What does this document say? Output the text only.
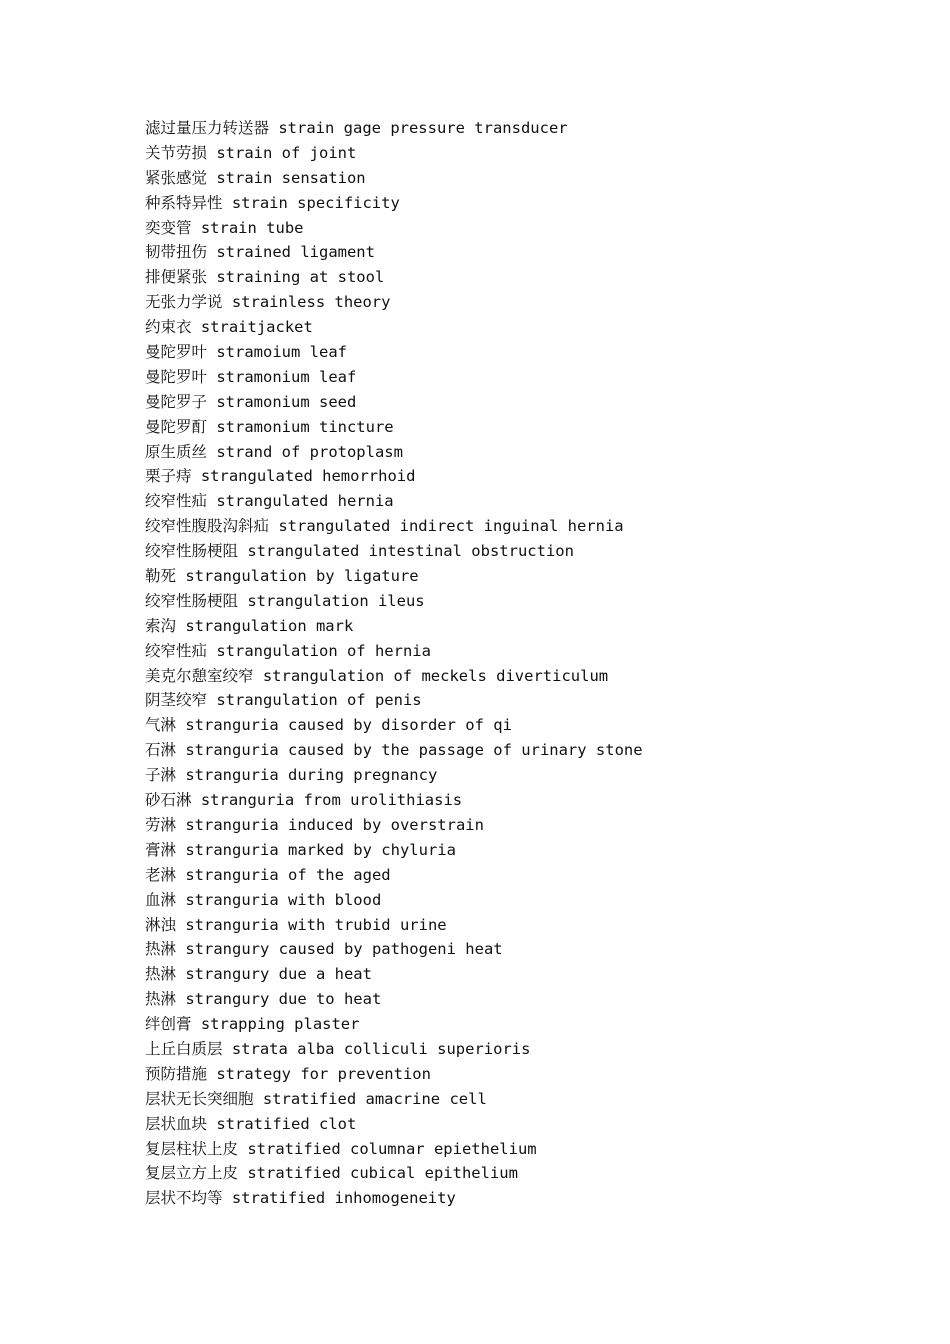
滤过量压力转送器 strain gage pressure transducer
关节劳损 strain of joint
紧张感觉 strain sensation
种系特异性 strain specificity
奕变管 strain tube
韧带扭伤 strained ligament
排便紧张 straining at stool
无张力学说 strainless theory
约束衣 straitjacket
曼陀罗叶 stramoium leaf
曼陀罗叶 stramonium leaf
曼陀罗子 stramonium seed
曼陀罗酊 stramonium tincture
原生质丝 strand of protoplasm
栗子痔 strangulated hemorrhoid
绞窄性疝 strangulated hernia
绞窄性腹股沟斜疝 strangulated indirect inguinal hernia
绞窄性肠梗阻 strangulated intestinal obstruction
勒死 strangulation by ligature
绞窄性肠梗阻 strangulation ileus
索沟 strangulation mark
绞窄性疝 strangulation of hernia
美克尔憩室绞窄 strangulation of meckels diverticulum
阴茎绞窄 strangulation of penis
气淋 stranguria caused by disorder of qi
石淋 stranguria caused by the passage of urinary stone
子淋 stranguria during pregnancy
砂石淋 stranguria from urolithiasis
劳淋 stranguria induced by overstrain
膏淋 stranguria marked by chyluria
老淋 stranguria of the aged
血淋 stranguria with blood
淋浊 stranguria with trubid urine
热淋 strangury caused by pathogeni heat
热淋 strangury due a heat
热淋 strangury due to heat
绊创膏 strapping plaster
上丘白质层 strata alba colliculi superioris
预防措施 strategy for prevention
层状无长突细胞 stratified amacrine cell
层状血块 stratified clot
复层柱状上皮 stratified columnar epiethelium
复层立方上皮 stratified cubical epithelium
层状不均等 stratified inhomogeneity
